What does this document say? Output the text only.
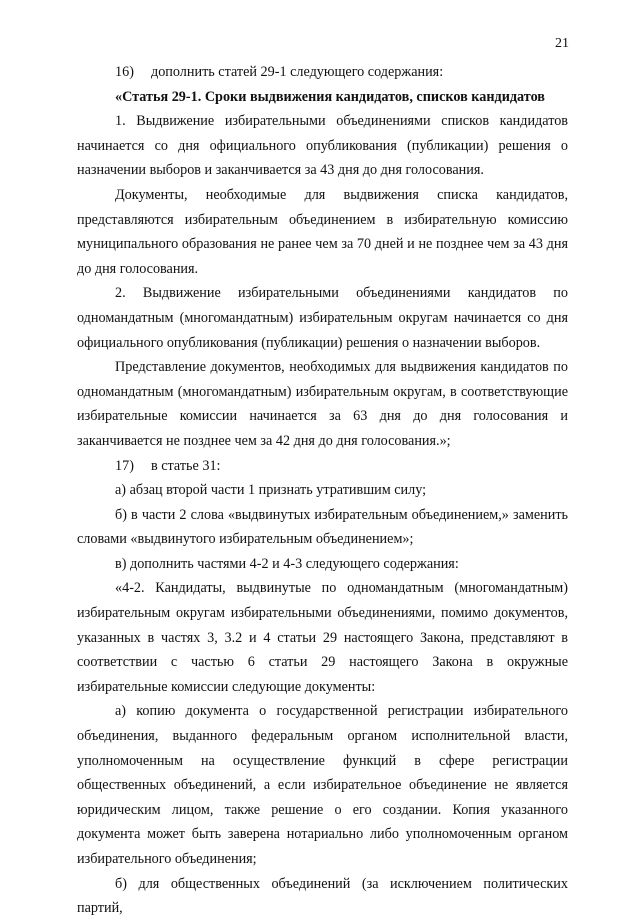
21

16) дополнить статей 29-1 следующего содержания:

«Статья 29-1. Сроки выдвижения кандидатов, списков кандидатов

1. Выдвижение избирательными объединениями списков кандидатов начинается со дня официального опубликования (публикации) решения о назначении выборов и заканчивается за 43 дня до дня голосования.

Документы, необходимые для выдвижения списка кандидатов, представляются избирательным объединением в избирательную комиссию муниципального образования не ранее чем за 70 дней и не позднее чем за 43 дня до дня голосования.

2. Выдвижение избирательными объединениями кандидатов по одномандатным (многомандатным) избирательным округам начинается со дня официального опубликования (публикации) решения о назначении выборов.

Представление документов, необходимых для выдвижения кандидатов по одномандатным (многомандатным) избирательным округам, в соответствующие избирательные комиссии начинается за 63 дня до дня голосования и заканчивается не позднее чем за 42 дня до дня голосования.»;

17) в статье 31:

а) абзац второй части 1 признать утратившим силу;

б) в части 2 слова «выдвинутых избирательным объединением,» заменить словами «выдвинутого избирательным объединением»;

в) дополнить частями 4-2 и 4-3 следующего содержания:

«4-2. Кандидаты, выдвинутые по одномандатным (многомандатным) избирательным округам избирательными объединениями, помимо документов, указанных в частях 3, 3.2 и 4 статьи 29 настоящего Закона, представляют в соответствии с частью 6 статьи 29 настоящего Закона в окружные избирательные комиссии следующие документы:

а) копию документа о государственной регистрации избирательного объединения, выданного федеральным органом исполнительной власти, уполномоченным на осуществление функций в сфере регистрации общественных объединений, а если избирательное объединение не является юридическим лицом, также решение о его создании. Копия указанного документа может быть заверена нотариально либо уполномоченным органом избирательного объединения;

б) для общественных объединений (за исключением политических партий,
